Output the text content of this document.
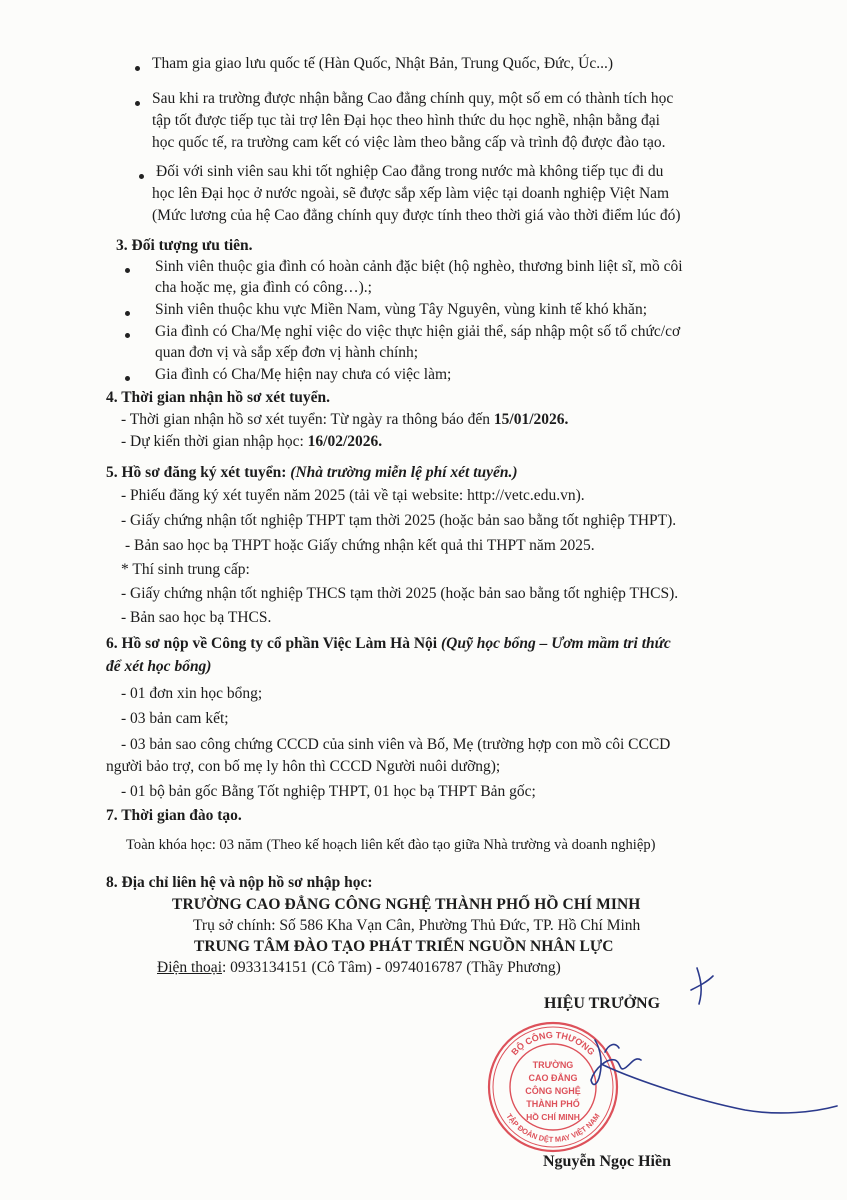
Tham gia giao lưu quốc tế (Hàn Quốc, Nhật Bản, Trung Quốc, Đức, Úc...)
Sau khi ra trường được nhận bằng Cao đẳng chính quy, một số em có thành tích học
tập tốt được tiếp tục tài trợ lên Đại học theo hình thức du học nghề, nhận bằng đại
học quốc tế, ra trường cam kết có việc làm theo bằng cấp và trình độ được đào tạo.
Đối với sinh viên sau khi tốt nghiệp Cao đẳng trong nước mà không tiếp tục đi du
học lên Đại học ở nước ngoài, sẽ được sắp xếp làm việc tại doanh nghiệp Việt Nam
(Mức lương của hệ Cao đẳng chính quy được tính theo thời giá vào thời điểm lúc đó)
3. Đối tượng ưu tiên.
Sinh viên thuộc gia đình có hoàn cảnh đặc biệt (hộ nghèo, thương binh liệt sĩ, mồ côi
cha hoặc mẹ, gia đình có công…).;
Sinh viên thuộc khu vực Miền Nam, vùng Tây Nguyên, vùng kinh tế khó khăn;
Gia đình có Cha/Mẹ nghỉ việc do việc thực hiện giải thể, sáp nhập một số tổ chức/cơ
quan đơn vị và sắp xếp đơn vị hành chính;
Gia đình có Cha/Mẹ hiện nay chưa có việc làm;
4. Thời gian nhận hồ sơ xét tuyển.
- Thời gian nhận hồ sơ xét tuyển: Từ ngày ra thông báo đến 15/01/2026.
- Dự kiến thời gian nhập học: 16/02/2026.
5. Hồ sơ đăng ký xét tuyển: (Nhà trường miễn lệ phí xét tuyển.)
- Phiếu đăng ký xét tuyển năm 2025 (tải về tại website: http://vetc.edu.vn).
- Giấy chứng nhận tốt nghiệp THPT tạm thời 2025 (hoặc bản sao bằng tốt nghiệp THPT).
- Bản sao học bạ THPT hoặc Giấy chứng nhận kết quả thi THPT năm 2025.
* Thí sinh trung cấp:
- Giấy chứng nhận tốt nghiệp THCS tạm thời 2025 (hoặc bản sao bằng tốt nghiệp THCS).
- Bản sao học bạ THCS.
6. Hồ sơ nộp về Công ty cổ phần Việc Làm Hà Nội (Quỹ học bổng – Ươm mầm tri thức
để xét học bổng)
- 01 đơn xin học bổng;
- 03 bản cam kết;
- 03 bản sao công chứng CCCD của sinh viên và Bố, Mẹ (trường hợp con mồ côi CCCD
người bảo trợ, con bố mẹ ly hôn thì CCCD Người nuôi dưỡng);
- 01 bộ bản gốc Bằng Tốt nghiệp THPT, 01 học bạ THPT Bản gốc;
7. Thời gian đào tạo.
Toàn khóa học: 03 năm (Theo kế hoạch liên kết đào tạo giữa Nhà trường và doanh nghiệp)
8. Địa chỉ liên hệ và nộp hồ sơ nhập học:
TRƯỜNG CAO ĐẲNG CÔNG NGHỆ THÀNH PHỐ HỒ CHÍ MINH
Trụ sở chính: Số 586 Kha Vạn Cân, Phường Thủ Đức, TP. Hồ Chí Minh
TRUNG TÂM ĐÀO TẠO PHÁT TRIỂN NGUỒN NHÂN LỰC
Điện thoại: 0933134151 (Cô Tâm) - 0974016787 (Thầy Phương)
HIỆU TRƯỞNG
BỘ CÔNG THƯƠNG
TẬP ĐOÀN DỆT MAY VIỆT NAM
TRƯỜNG
CAO ĐẲNG
CÔNG NGHỆ
THÀNH PHỐ
HỒ CHÍ MINH
Nguyễn Ngọc Hiền
